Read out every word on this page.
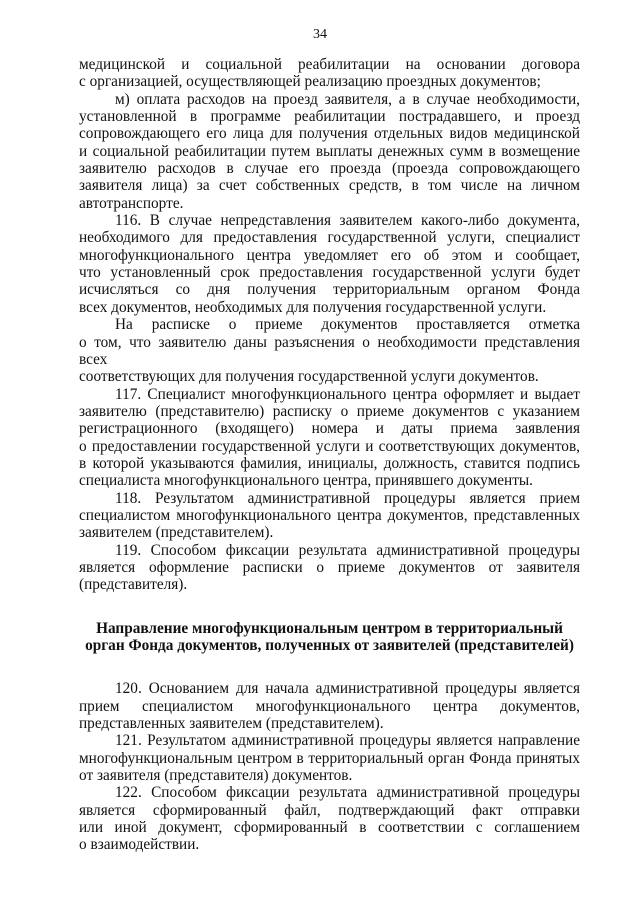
34

медицинской и социальной реабилитации на основании договора
с организацией, осуществляющей реализацию проездных документов;

м) оплата расходов на проезд заявителя, а в случае необходимости,
установленной в программе реабилитации пострадавшего, и проезд
сопровождающего его лица для получения отдельных видов медицинской
и социальной реабилитации путем выплаты денежных сумм в возмещение
заявителю расходов в случае его проезда (проезда сопровождающего
заявителя лица) за счет собственных средств, в том числе на личном
автотранспорте.

116. В случае непредставления заявителем какого-либо документа,
необходимого для предоставления государственной услуги, специалист
многофункционального центра уведомляет его об этом и сообщает,
что установленный срок предоставления государственной услуги будет
исчисляться со дня получения территориальным органом Фонда
всех документов, необходимых для получения государственной услуги.

На расписке о приеме документов проставляется отметка
о том, что заявителю даны разъяснения о необходимости представления всех
соответствующих для получения государственной услуги документов.

117. Специалист многофункционального центра оформляет и выдает
заявителю (представителю) расписку о приеме документов с указанием
регистрационного (входящего) номера и даты приема заявления
о предоставлении государственной услуги и соответствующих документов,
в которой указываются фамилия, инициалы, должность, ставится подпись
специалиста многофункционального центра, принявшего документы.

118. Результатом административной процедуры является прием
специалистом многофункционального центра документов, представленных
заявителем (представителем).

119. Способом фиксации результата административной процедуры
является оформление расписки о приеме документов от заявителя
(представителя).

Направление многофункциональным центром в территориальный
орган Фонда документов, полученных от заявителей (представителей)

120. Основанием для начала административной процедуры является
прием специалистом многофункционального центра документов,
представленных заявителем (представителем).

121. Результатом административной процедуры является направление
многофункциональным центром в территориальный орган Фонда принятых
от заявителя (представителя) документов.

122. Способом фиксации результата административной процедуры
является сформированный файл, подтверждающий факт отправки
или иной документ, сформированный в соответствии с соглашением
о взаимодействии.
